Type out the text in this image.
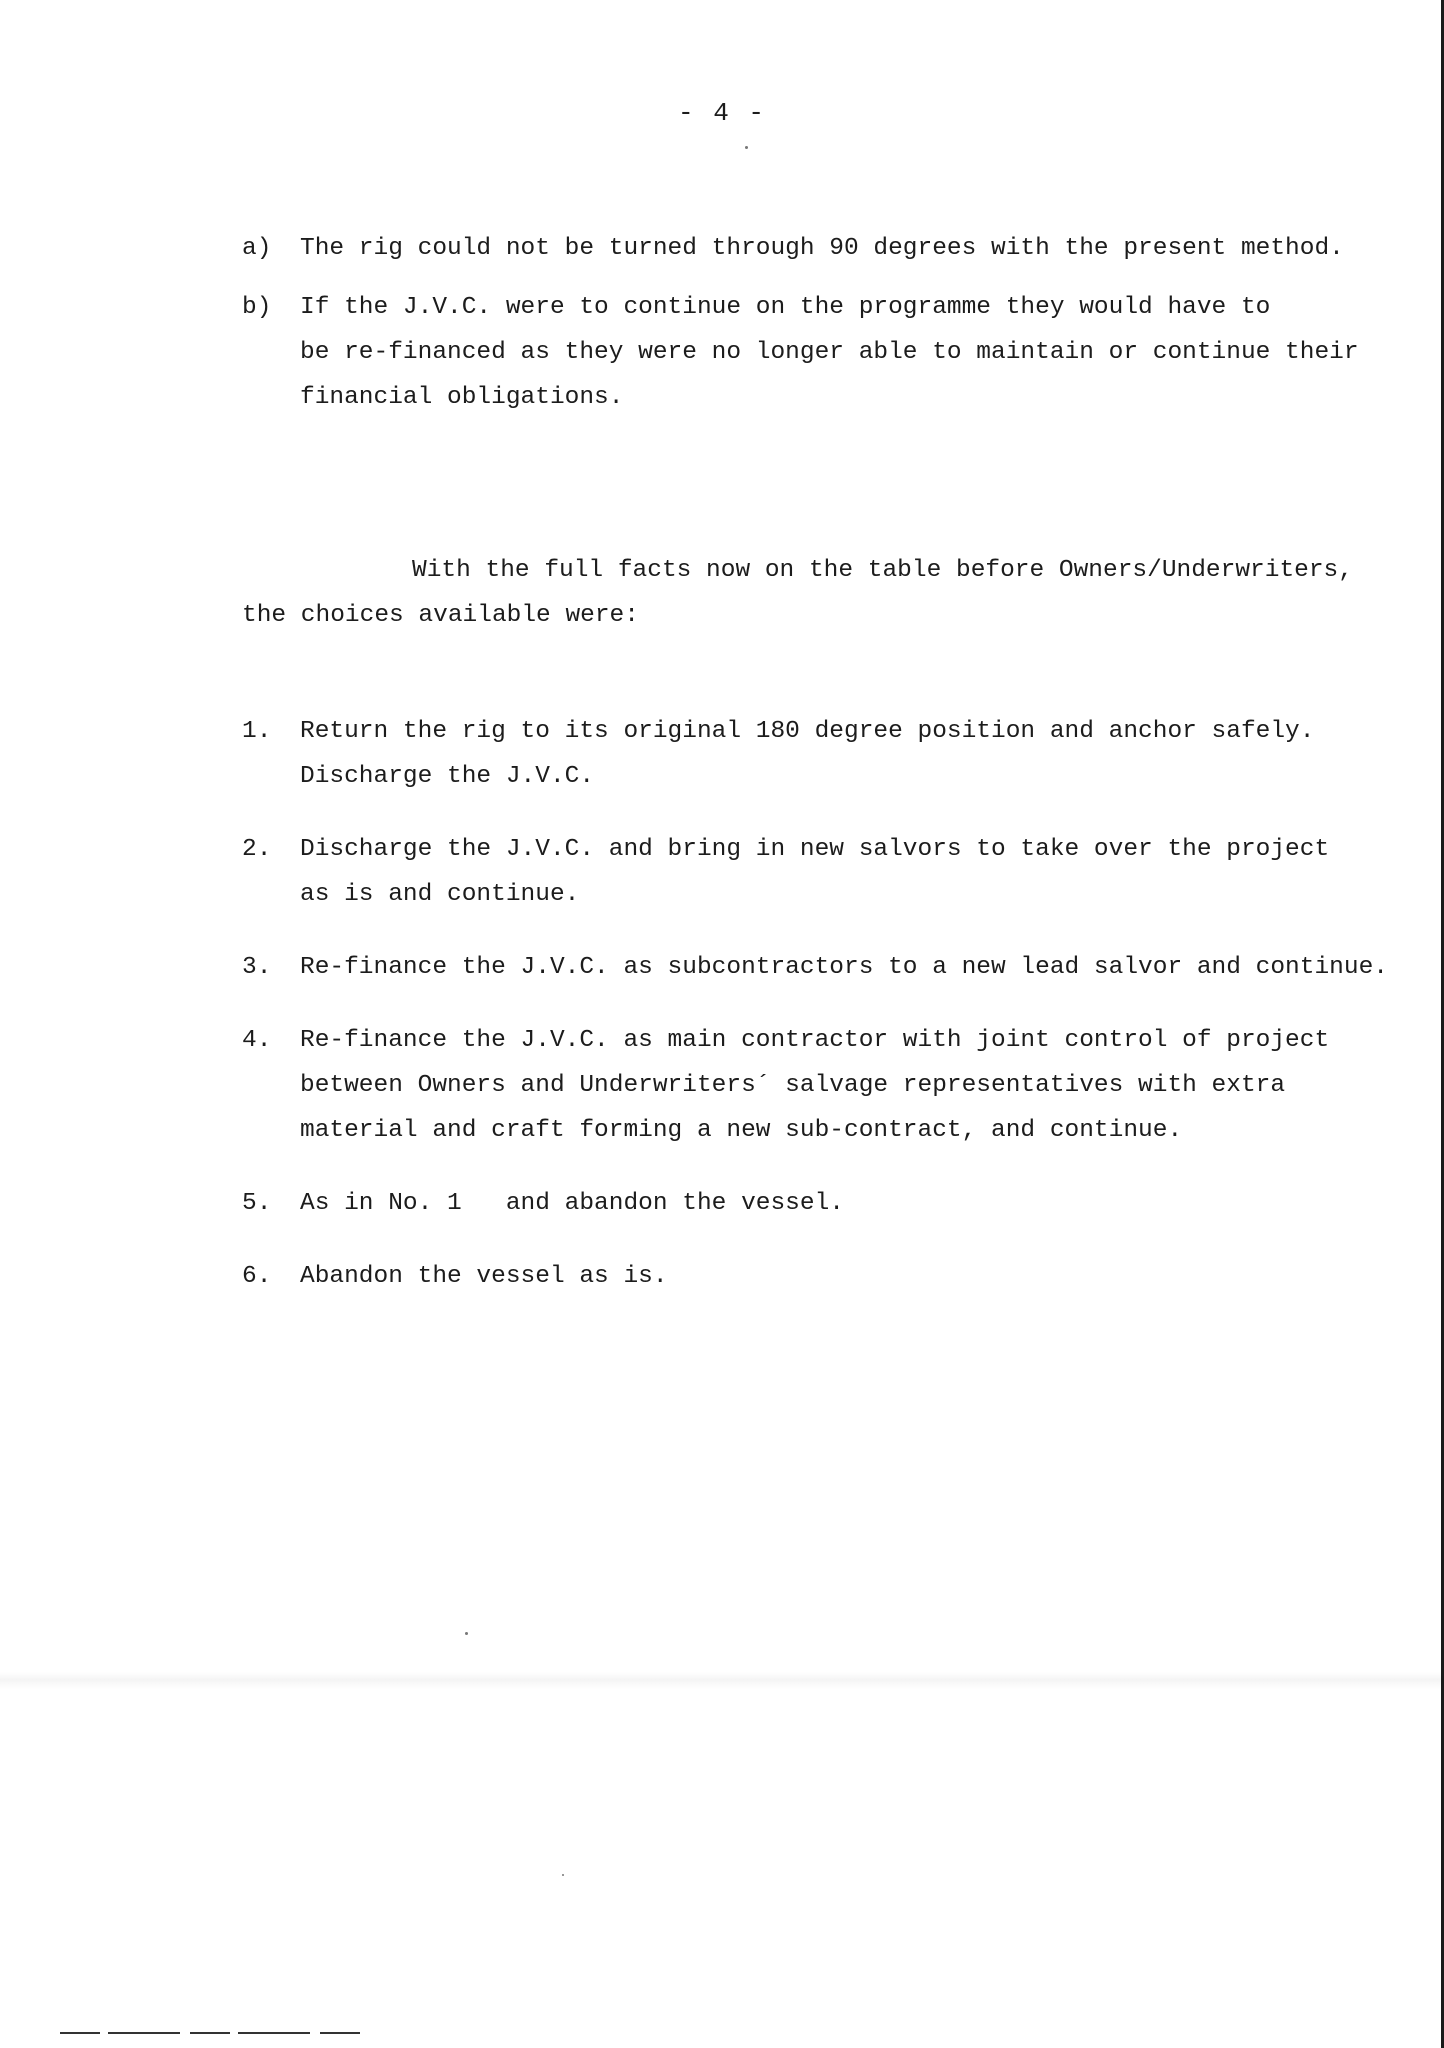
- 4 -
a) The rig could not be turned through 90 degrees with the present method.
b) If the J.V.C. were to continue on the programme they would have to
be re-financed as they were no longer able to maintain or continue their
financial obligations.
With the full facts now on the table before Owners/Underwriters,
the choices available were:
1. Return the rig to its original 180 degree position and anchor safely.
Discharge the J.V.C.
2. Discharge the J.V.C. and bring in new salvors to take over the project
as is and continue.
3. Re-finance the J.V.C. as subcontractors to a new lead salvor and continue.
4. Re-finance the J.V.C. as main contractor with joint control of project
between Owners and Underwriters´ salvage representatives with extra
material and craft forming a new sub-contract, and continue.
5. As in No. 1   and abandon the vessel.
6. Abandon the vessel as is.
